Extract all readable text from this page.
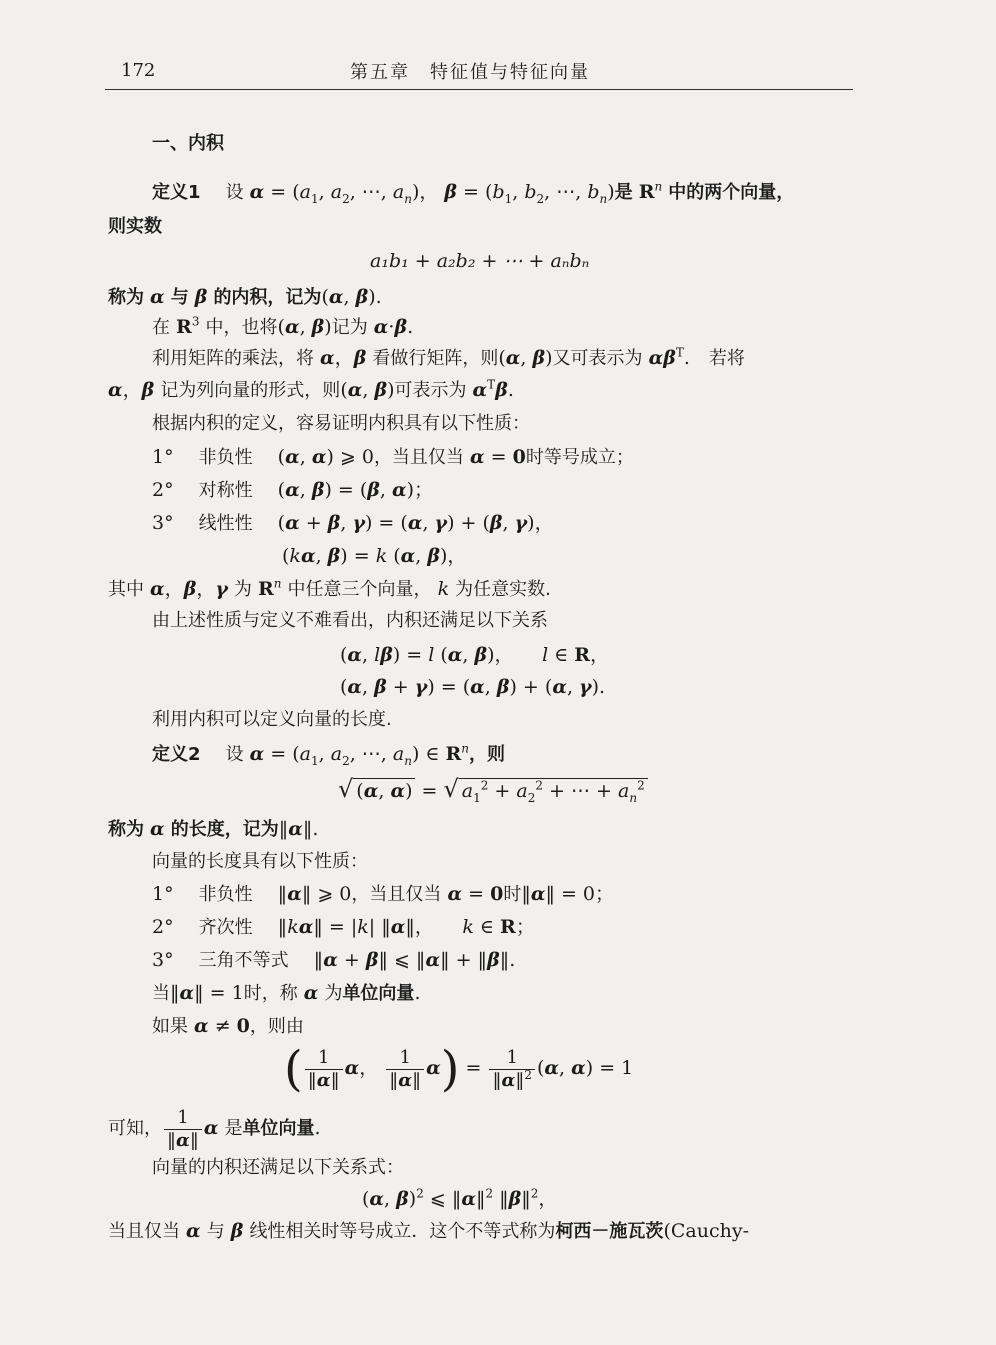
172	第五章　特征值与特征向量
一、内积
定义1　 设 $\alpha = (a_1$, $a_2$, ⋯, $a_n$)， $\beta = (b_1$, $b_2$, ⋯, $b_n$)是 $R^n$ 中的两个向量，
则实数
a₁b₁ + a₂b₂ + ⋯ + aₙbₙ
称为 α 与 β 的内积，记为(α, β).
在 $R^3$ 中，也将(α, β)记为 α·β.
利用矩阵的乘法，将 α，β 看做行矩阵，则(α, β)又可表示为 $\alpha\beta^T$.　若将
α，β 记为列向量的形式，则(α, β)可表示为 $\alpha^T\beta$.
根据内积的定义，容易证明内积具有以下性质：
1°　 非负性　 (α, α) ⩾ 0，当且仅当 α = 0时等号成立；
2°　 对称性　 (α, β) = (β, α)；
3°　 线性性　 (α + β, γ) = (α, γ) + (β, γ)，
(kα, β) = k (α, β)，
其中 α，β，γ 为 $R^n$ 中任意三个向量， k 为任意实数.
由上述性质与定义不难看出，内积还满足以下关系
(α, lβ) = l (α, β)，　　l ∈ R，
(α, β + γ) = (α, β) + (α, γ).
利用内积可以定义向量的长度.
定义2　 设 $\alpha = (a_1$, $a_2$, ⋯, $a_n$) ∈ $R^n$，则
√ (α, α) = √ $a_1^2 + a_2^2$ + ⋯ + $a_n^2$
称为 α 的长度，记为‖α‖.
向量的长度具有以下性质：
1°　 非负性　 ‖α‖ ⩾ 0，当且仅当 α = 0时‖α‖ = 0；
2°　 齐次性　 ‖kα‖ = |k| ‖α‖，　　k ∈ R；
3°　 三角不等式　 ‖α + β‖ ⩽ ‖α‖ + ‖β‖.
当‖α‖ = 1时，称 α 为单位向量.
如果 α ≠ 0，则由
( $\frac{1}{‖\alpha‖}$ α， $\frac{1}{‖\alpha‖} \alpha) = \frac{1}{‖\alpha‖^2} (\alpha$, α) = 1
可知， $\frac{1}{‖\alpha‖}$ α 是单位向量.
向量的内积还满足以下关系式：
(α, β)$^2$ ⩽ ‖α‖$^2$ ‖β‖$^2$，
当且仅当 α 与 β 线性相关时等号成立．这个不等式称为柯西－施瓦茨(Cauchy-
